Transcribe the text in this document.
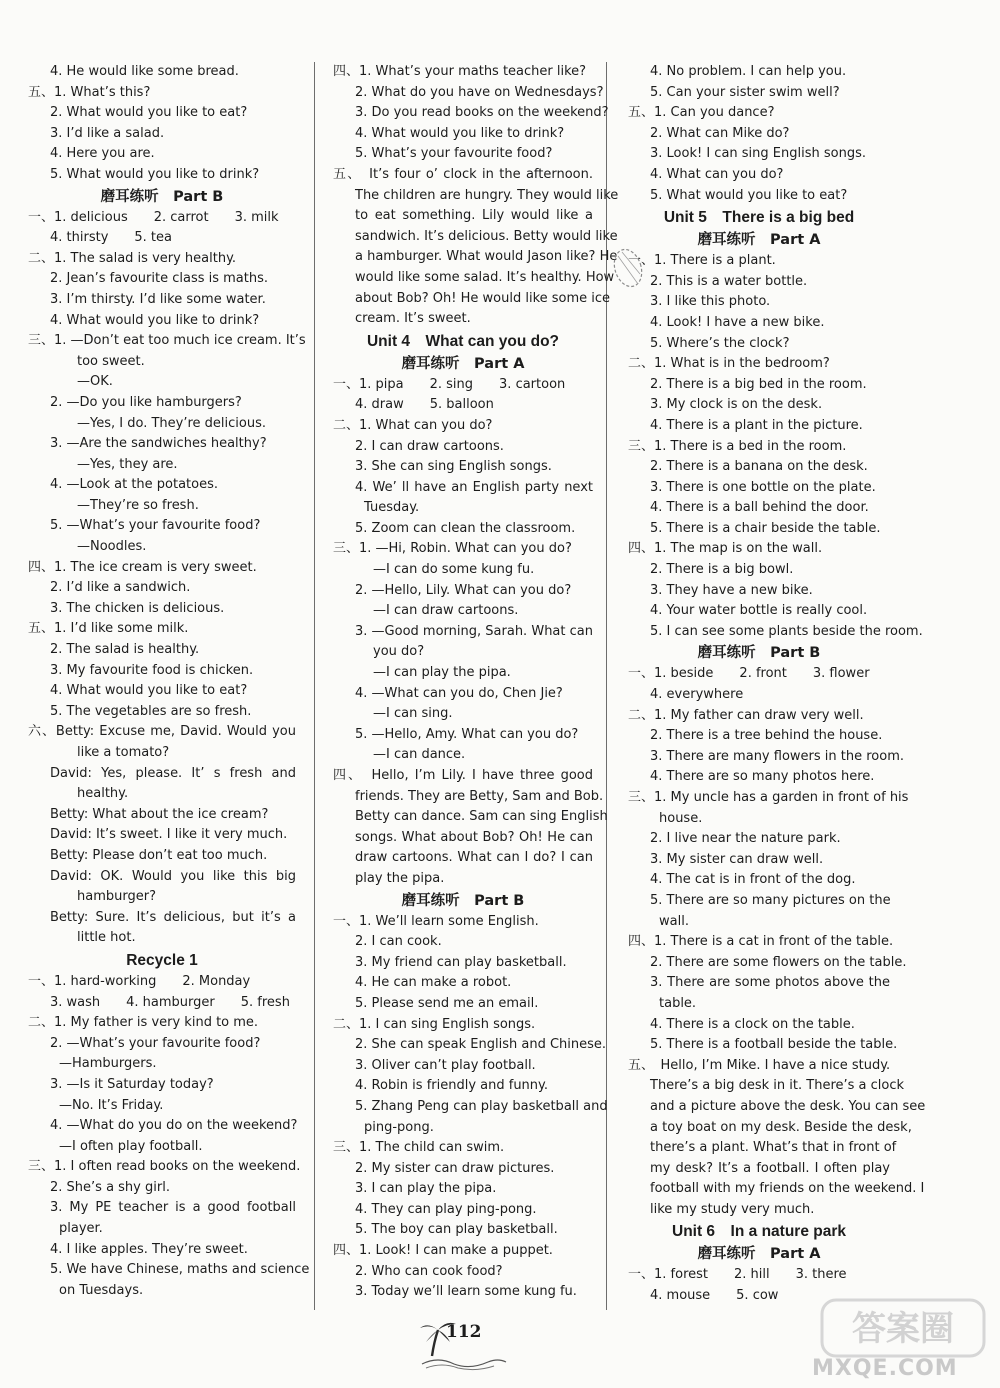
4. He would like some bread.
五、1. What’s this?
2. What would you like to eat?
3. I’d like a salad.
4. Here you are.
5. What would you like to drink?
磨耳练听　Part B
一、1. delicious　　2. carrot　　3. milk
4. thirsty　　5. tea
二、1. The salad is very healthy.
2. Jean’s favourite class is maths.
3. I’m thirsty. I’d like some water.
4. What would you like to drink?
三、1. —Don’t eat too much ice cream. It’s
too sweet.
—OK.
2. —Do you like hamburgers?
—Yes, I do. They’re delicious.
3. —Are the sandwiches healthy?
—Yes, they are.
4. —Look at the potatoes.
—They’re so fresh.
5. —What’s your favourite food?
—Noodles.
四、1. The ice cream is very sweet.
2. I’d like a sandwich.
3. The chicken is delicious.
五、1. I’d like some milk.
2. The salad is healthy.
3. My favourite food is chicken.
4. What would you like to eat?
5. The vegetables are so fresh.
六、Betty: Excuse me, David. Would you
like a tomato?
David: Yes, please. It’ s fresh and
healthy.
Betty: What about the ice cream?
David: It’s sweet. I like it very much.
Betty: Please don’t eat too much.
David: OK. Would you like this big
hamburger?
Betty: Sure. It’s delicious, but it’s a
little hot.
Recycle 1
一、1. hard-working　　2. Monday
3. wash　　4. hamburger　　5. fresh
二、1. My father is very kind to me.
2. —What’s your favourite food?
—Hamburgers.
3. —Is it Saturday today?
—No. It’s Friday.
4. —What do you do on the weekend?
—I often play football.
三、1. I often read books on the weekend.
2. She’s a shy girl.
3. My PE teacher is a good football
player.
4. I like apples. They’re sweet.
5. We have Chinese, maths and science
on Tuesdays.
四、1. What’s your maths teacher like?
2. What do you have on Wednesdays?
3. Do you read books on the weekend?
4. What would you like to drink?
5. What’s your favourite food?
五、　It’s four o’ clock in the afternoon.
The children are hungry. They would like
to eat something. Lily would like a
sandwich. It’s delicious. Betty would like
a hamburger. What would Jason like? He
would like some salad. It’s healthy. How
about Bob? Oh! He would like some ice
cream. It’s sweet.
Unit 4　What can you do?
磨耳练听　Part A
一、1. pipa　　2. sing　　3. cartoon
4. draw　　5. balloon
二、1. What can you do?
2. I can draw cartoons.
3. She can sing English songs.
4. We’ ll have an English party next
Tuesday.
5. Zoom can clean the classroom.
三、1. —Hi, Robin. What can you do?
—I can do some kung fu.
2. —Hello, Lily. What can you do?
—I can draw cartoons.
3. —Good morning, Sarah. What can
you do?
—I can play the pipa.
4. —What can you do, Chen Jie?
—I can sing.
5. —Hello, Amy. What can you do?
—I can dance.
四、　Hello, I’m Lily. I have three good
friends. They are Betty, Sam and Bob.
Betty can dance. Sam can sing English
songs. What about Bob? Oh! He can
draw cartoons. What can I do? I can
play the pipa.
磨耳练听　Part B
一、1. We’ll learn some English.
2. I can cook.
3. My friend can play basketball.
4. He can make a robot.
5. Please send me an email.
二、1. I can sing English songs.
2. She can speak English and Chinese.
3. Oliver can’t play football.
4. Robin is friendly and funny.
5. Zhang Peng can play basketball and
ping-pong.
三、1. The child can swim.
2. My sister can draw pictures.
3. I can play the pipa.
4. They can play ping-pong.
5. The boy can play basketball.
四、1. Look! I can make a puppet.
2. Who can cook food?
3. Today we’ll learn some kung fu.
4. No problem. I can help you.
5. Can your sister swim well?
五、1. Can you dance?
2. What can Mike do?
3. Look! I can sing English songs.
4. What can you do?
5. What would you like to eat?
Unit 5　There is a big bed
磨耳练听　Part A
一、1. There is a plant.
2. This is a water bottle.
3. I like this photo.
4. Look! I have a new bike.
5. Where’s the clock?
二、1. What is in the bedroom?
2. There is a big bed in the room.
3. My clock is on the desk.
4. There is a plant in the picture.
三、1. There is a bed in the room.
2. There is a banana on the desk.
3. There is one bottle on the plate.
4. There is a ball behind the door.
5. There is a chair beside the table.
四、1. The map is on the wall.
2. There is a big bowl.
3. They have a new bike.
4. Your water bottle is really cool.
5. I can see some plants beside the room.
磨耳练听　Part B
一、1. beside　　2. front　　3. flower
4. everywhere
二、1. My father can draw very well.
2. There is a tree behind the house.
3. There are many flowers in the room.
4. There are so many photos here.
三、1. My uncle has a garden in front of his
house.
2. I live near the nature park.
3. My sister can draw well.
4. The cat is in front of the dog.
5. There are so many pictures on the
wall.
四、1. There is a cat in front of the table.
2. There are some flowers on the table.
3. There are some photos above the
table.
4. There is a clock on the table.
5. There is a football beside the table.
五、　Hello, I’m Mike. I have a nice study.
There’s a big desk in it. There’s a clock
and a picture above the desk. You can see
a toy boat on my desk. Beside the desk,
there’s a plant. What’s that in front of
my desk? It’s a football. I often play
football with my friends on the weekend. I
like my study very much.
Unit 6　In a nature park
磨耳练听　Part A
一、1. forest　　2. hill　　3. there
4. mouse　　5. cow
112	答案圈
MXQE.COM
